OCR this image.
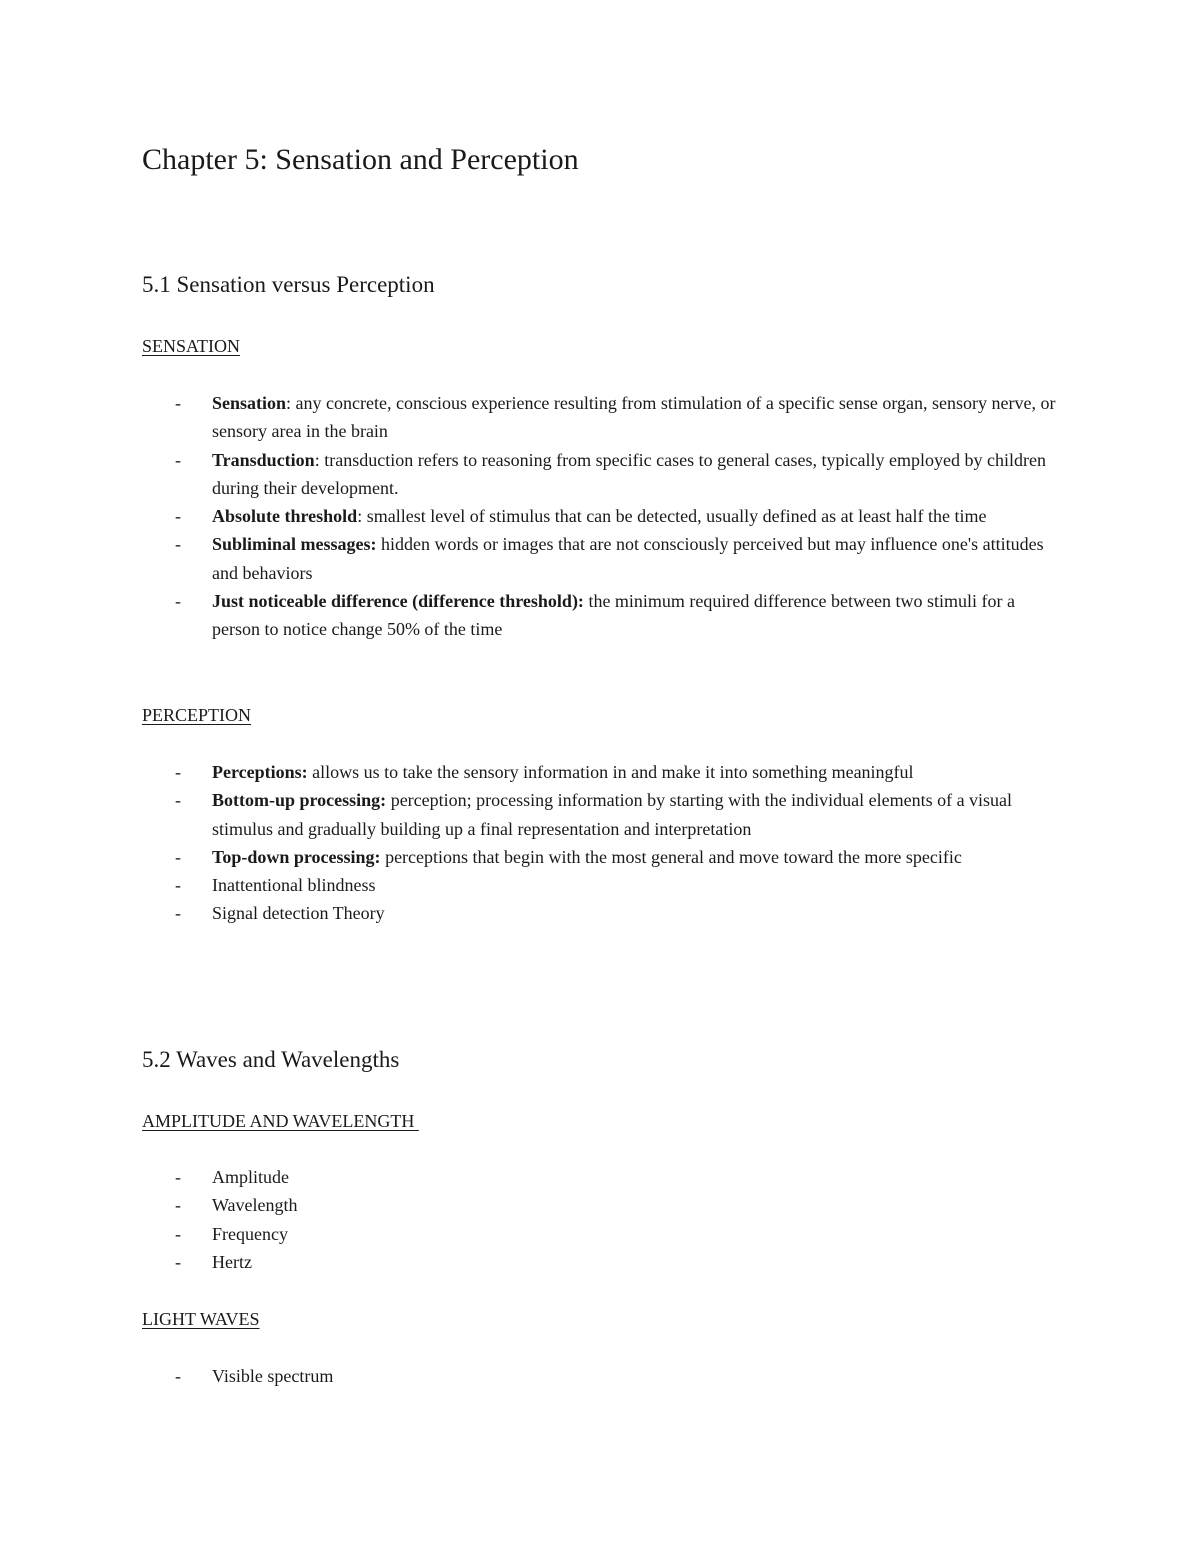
Chapter 5: Sensation and Perception
5.1 Sensation versus Perception
SENSATION
- Sensation: any concrete, conscious experience resulting from stimulation of a specific sense organ, sensory nerve, or sensory area in the brain
- Transduction: transduction refers to reasoning from specific cases to general cases, typically employed by children during their development.
- Absolute threshold: smallest level of stimulus that can be detected, usually defined as at least half the time
- Subliminal messages: hidden words or images that are not consciously perceived but may influence one's attitudes and behaviors
- Just noticeable difference (difference threshold): the minimum required difference between two stimuli for a person to notice change 50% of the time
PERCEPTION
- Perceptions: allows us to take the sensory information in and make it into something meaningful
- Bottom-up processing: perception; processing information by starting with the individual elements of a visual stimulus and gradually building up a final representation and interpretation
- Top-down processing: perceptions that begin with the most general and move toward the more specific
- Inattentional blindness
- Signal detection Theory
5.2 Waves and Wavelengths
AMPLITUDE AND WAVELENGTH
- Amplitude
- Wavelength
- Frequency
- Hertz
LIGHT WAVES
- Visible spectrum
